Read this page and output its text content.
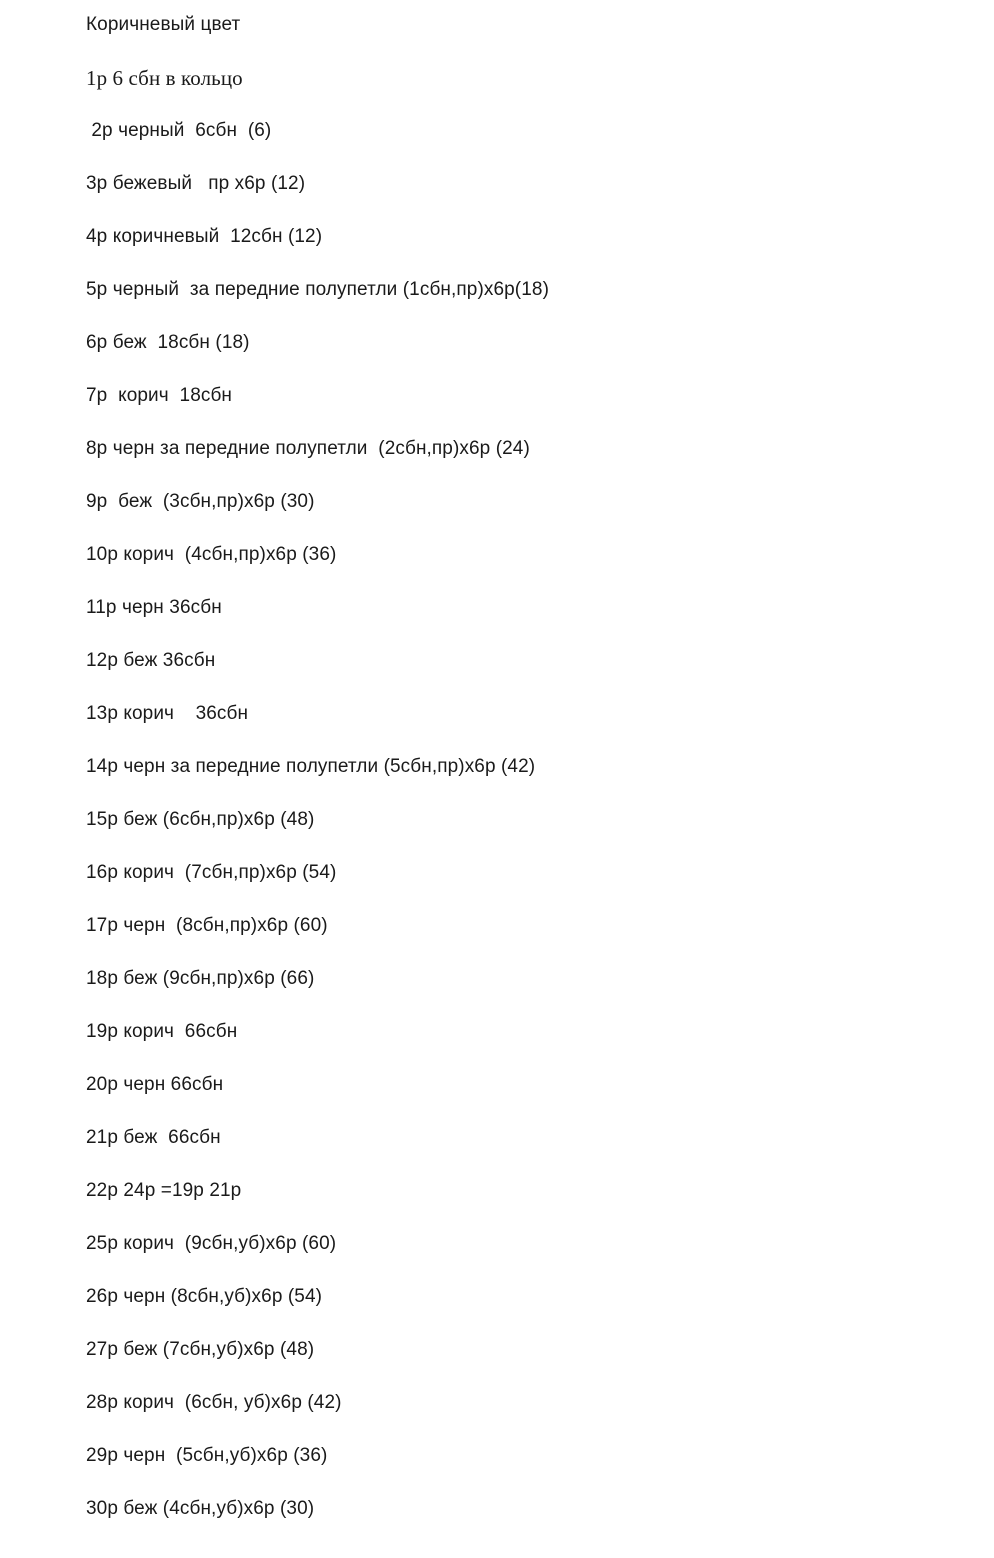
Коричневый цвет
1р 6 сбн в кольцо
2р черный  6сбн  (6)
3р бежевый   пр х6р (12)
4р коричневый  12сбн (12)
5р черный  за передние полупетли (1сбн,пр)х6р(18)
6р беж  18сбн (18)
7р  корич  18сбн
8р черн за передние полупетли  (2сбн,пр)х6р (24)
9р  беж  (3сбн,пр)х6р (30)
10р корич  (4сбн,пр)х6р (36)
11р черн 36сбн
12р беж 36сбн
13р корич    36сбн
14р черн за передние полупетли (5сбн,пр)х6р (42)
15р беж (6сбн,пр)х6р (48)
16р корич  (7сбн,пр)х6р (54)
17р черн  (8сбн,пр)х6р (60)
18р беж (9сбн,пр)х6р (66)
19р корич  66сбн
20р черн 66сбн
21р беж  66сбн
22р 24р =19р 21р
25р корич  (9сбн,уб)х6р (60)
26р черн (8сбн,уб)х6р (54)
27р беж (7сбн,уб)х6р (48)
28р корич  (6сбн, уб)х6р (42)
29р черн  (5сбн,уб)х6р (36)
30р беж (4сбн,уб)х6р (30)
